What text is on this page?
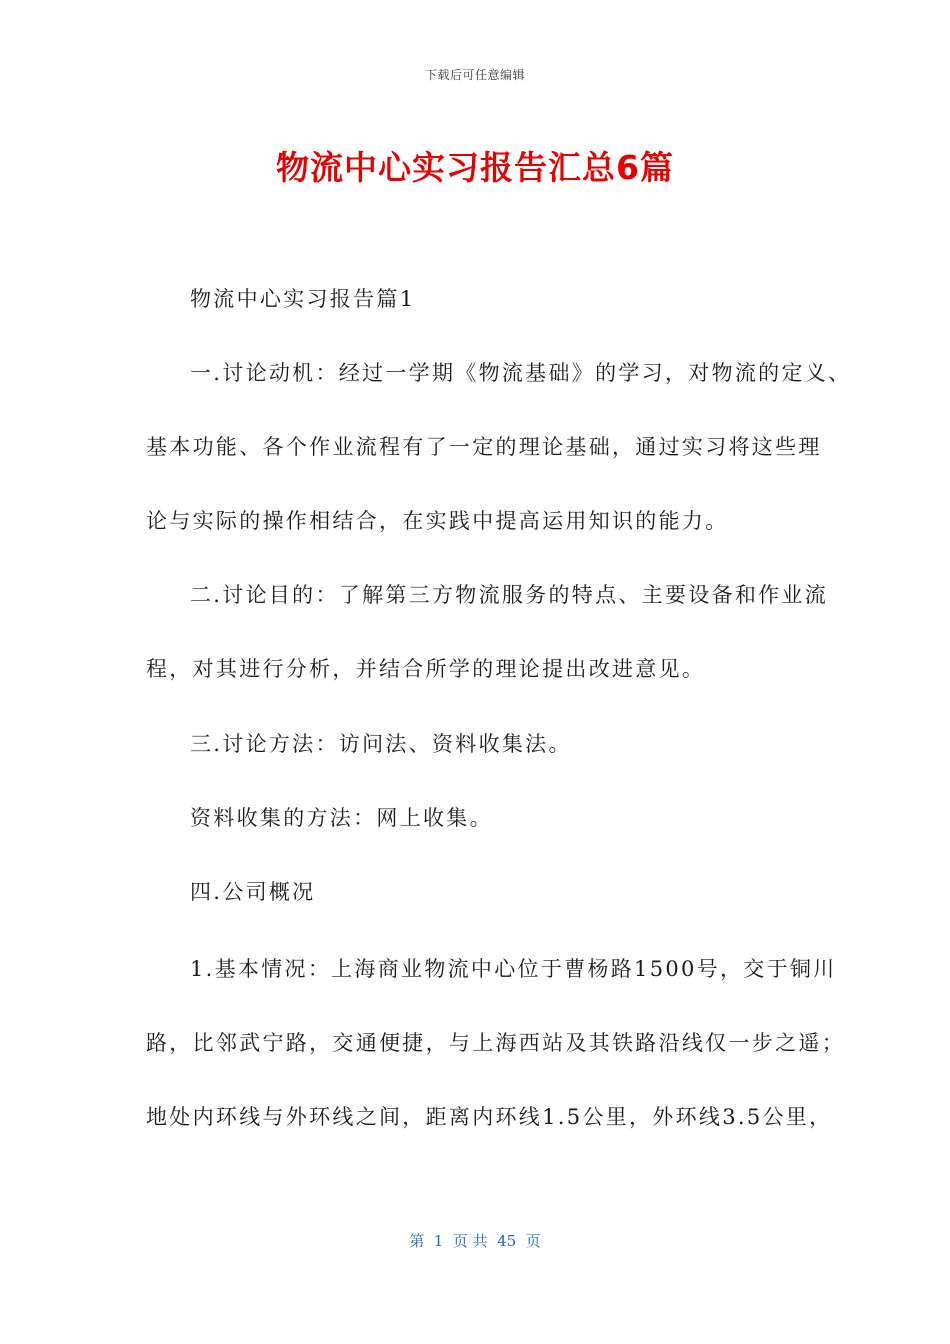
下载后可任意编辑
物流中心实习报告汇总6篇
物流中心实习报告篇1
一.讨论动机：经过一学期《物流基础》的学习，对物流的定义、
基本功能、各个作业流程有了一定的理论基础，通过实习将这些理
论与实际的操作相结合，在实践中提高运用知识的能力。
二.讨论目的：了解第三方物流服务的特点、主要设备和作业流
程，对其进行分析，并结合所学的理论提出改进意见。
三.讨论方法：访问法、资料收集法。
资料收集的方法：网上收集。
四.公司概况
1.基本情况：上海商业物流中心位于曹杨路1500号，交于铜川
路，比邻武宁路，交通便捷，与上海西站及其铁路沿线仅一步之遥；
地处内环线与外环线之间，距离内环线1.5公里，外环线3.5公里，
第  1  页 共  45  页
